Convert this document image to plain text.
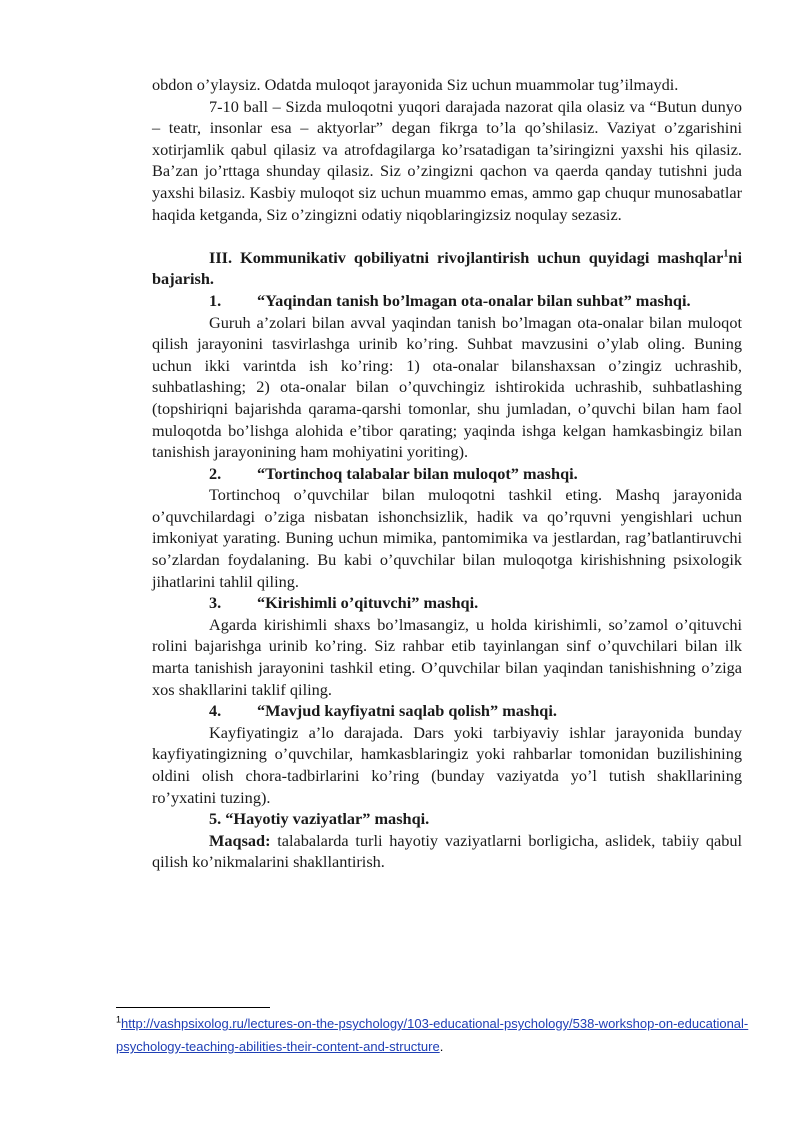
obdon o’ylaysiz. Odatda muloqot jarayonida Siz uchun muammolar tug’ilmaydi.

7-10 ball – Sizda muloqotni yuqori darajada nazorat qila olasiz va “Butun dunyo – teatr, insonlar esa – aktyorlar” degan fikrga to’la qo’shilasiz. Vaziyat o’zgarishini xotirjamlik qabul qilasiz va atrofdagilarga ko’rsatadigan ta’siringizni yaxshi his qilasiz. Ba’zan jo’rttaga shunday qilasiz. Siz o’zingizni qachon va qaerda qanday tutishni juda yaxshi bilasiz. Kasbiy muloqot siz uchun muammo emas, ammo gap chuqur munosabatlar haqida ketganda, Siz o’zingizni odatiy niqoblaringizsiz noqulay sezasiz.

III. Kommunikativ qobiliyatni rivojlantirish uchun quyidagi mashqlar$^1$ni bajarish.

1. “Yaqindan tanish bo’lmagan ota-onalar bilan suhbat” mashqi.

Guruh a’zolari bilan avval yaqindan tanish bo’lmagan ota-onalar bilan muloqot qilish jarayonini tasvirlashga urinib ko’ring. Suhbat mavzusini o’ylab oling. Buning uchun ikki varintda ish ko’ring: 1) ota-onalar bilanshaxsan o’zingiz uchrashib, suhbatlashing; 2) ota-onalar bilan o’quvchingiz ishtirokida uchrashib, suhbatlashing (topshiriqni bajarishda qarama-qarshi tomonlar, shu jumladan, o’quvchi bilan ham faol muloqotda bo’lishga alohida e’tibor qarating; yaqinda ishga kelgan hamkasbingiz bilan tanishish jarayonining ham mohiyatini yoriting).

2. “Tortinchoq talabalar bilan muloqot” mashqi.

Tortinchoq o’quvchilar bilan muloqotni tashkil eting. Mashq jarayonida o’quvchilardagi o’ziga nisbatan ishonchsizlik, hadik va qo’rquvni yengishlari uchun imkoniyat yarating. Buning uchun mimika, pantomimika va jestlardan, rag’batlantiruvchi so’zlardan foydalaning. Bu kabi o’quvchilar bilan muloqotga kirishishning psixologik jihatlarini tahlil qiling.

3. “Kirishimli o’qituvchi” mashqi.

Agarda kirishimli shaxs bo’lmasangiz, u holda kirishimli, so’zamol o’qituvchi rolini bajarishga urinib ko’ring. Siz rahbar etib tayinlangan sinf o’quvchilari bilan ilk marta tanishish jarayonini tashkil eting. O’quvchilar bilan yaqindan tanishishning o’ziga xos shakllarini taklif qiling.

4. “Mavjud kayfiyatni saqlab qolish” mashqi.

Kayfiyatingiz a’lo darajada. Dars yoki tarbiyaviy ishlar jarayonida bunday kayfiyatingizning o’quvchilar, hamkasblaringiz yoki rahbarlar tomonidan buzilishining oldini olish chora-tadbirlarini ko’ring (bunday vaziyatda yo’l tutish shakllarining ro’yxatini tuzing).

5. “Hayotiy vaziyatlar” mashqi.

Maqsad: talabalarda turli hayotiy vaziyatlarni borligicha, aslidek, tabiiy qabul qilish ko’nikmalarini shakllantirish.

$^1$http://vashpsixolog.ru/lectures-on-the-psychology/103-educational-psychology/538-workshop-on-educational-psychology-teaching-abilities-their-content-and-structure.
